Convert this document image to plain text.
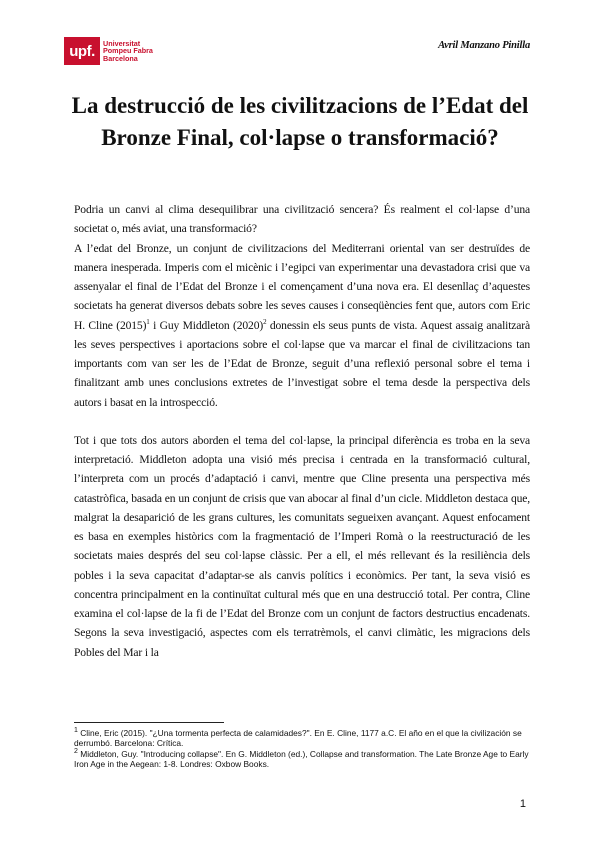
upf.	Universitat
Pompeu Fabra
Barcelona
Avril Manzano Pinilla
La destrucció de les civilitzacions de l’Edat del Bronze Final, col·lapse o transformació?

Podria un canvi al clima desequilibrar una civilització sencera? És realment el col·lapse d’una societat o, més aviat, una transformació?

A l’edat del Bronze, un conjunt de civilitzacions del Mediterrani oriental van ser destruïdes de manera inesperada. Imperis com el micènic i l’egipci van experimentar una devastadora crisi que va assenyalar el final de l’Edat del Bronze i el començament d’una nova era. El desenllaç d’aquestes societats ha generat diversos debats sobre les seves causes i conseqüències fent que, autors com Eric H. Cline $(2015)^1$ i Guy Middleton $(2020)^2$ donessin els seus punts de vista. Aquest assaig analitzarà les seves perspectives i aportacions sobre el col·lapse que va marcar el final de civilitzacions tan importants com van ser les de l’Edat de Bronze, seguit d’una reflexió personal sobre el tema i finalitzant amb unes conclusions extretes de l’investigat sobre el tema desde la perspectiva dels autors i basat en la introspecció.

Tot i que tots dos autors aborden el tema del col·lapse, la principal diferència es troba en la seva interpretació. Middleton adopta una visió més precisa i centrada en la transformació cultural, l’interpreta com un procés d’adaptació i canvi, mentre que Cline presenta una perspectiva més catastròfica, basada en un conjunt de crisis que van abocar al final d’un cicle. Middleton destaca que, malgrat la desaparició de les grans cultures, les comunitats segueixen avançant. Aquest enfocament es basa en exemples històrics com la fragmentació de l’Imperi Romà o la reestructuració de les societats maies després del seu col·lapse clàssic. Per a ell, el més rellevant és la resiliència dels pobles i la seva capacitat d’adaptar-se als canvis polítics i econòmics. Per tant, la seva visió es concentra principalment en la continuïtat cultural més que en una destrucció total. Per contra, Cline examina el col·lapse de la fi de l’Edat del Bronze com un conjunt de factors destructius encadenats. Segons la seva investigació, aspectes com els terratrèmols, el canvi climàtic, les migracions dels Pobles del Mar i la

$^1$ Cline, Eric (2015). "¿Una tormenta perfecta de calamidades?". En E. Cline, 1177 a.C. El año en el que la civilización se derrumbó. Barcelona: Crítica.
$^2$ Middleton, Guy. "Introducing collapse". En G. Middleton (ed.), Collapse and transformation. The Late Bronze Age to Early Iron Age in the Aegean: 1-8. Londres: Oxbow Books.
1
